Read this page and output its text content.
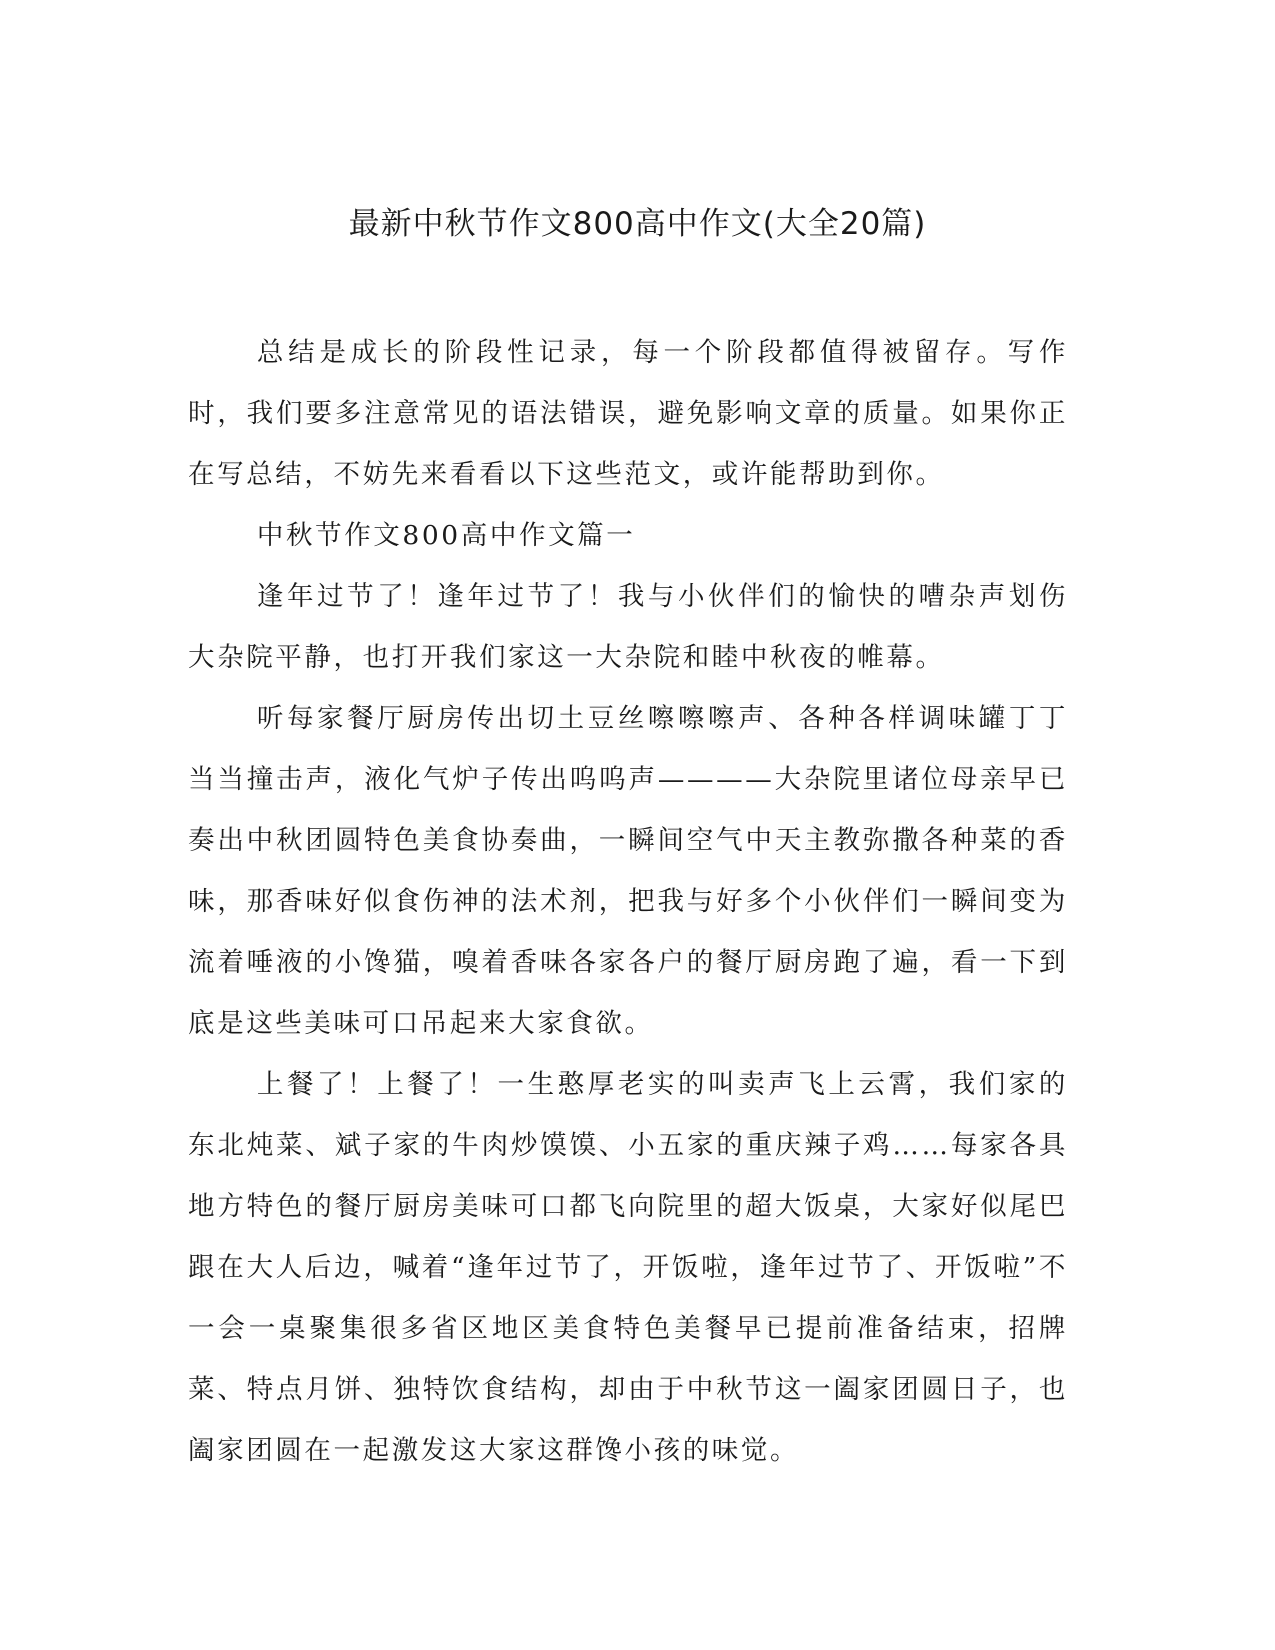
最新中秋节作文800高中作文(大全20篇)

总结是成长的阶段性记录，每一个阶段都值得被留存。写作时，我们要多注意常见的语法错误，避免影响文章的质量。如果你正在写总结，不妨先来看看以下这些范文，或许能帮助到你。

中秋节作文800高中作文篇一

逢年过节了！逢年过节了！我与小伙伴们的愉快的嘈杂声划伤大杂院平静，也打开我们家这一大杂院和睦中秋夜的帷幕。

听每家餐厅厨房传出切土豆丝嚓嚓嚓声、各种各样调味罐丁丁当当撞击声，液化气炉子传出呜呜声————大杂院里诸位母亲早已奏出中秋团圆特色美食协奏曲，一瞬间空气中天主教弥撒各种菜的香味，那香味好似食伤神的法术剂，把我与好多个小伙伴们一瞬间变为流着唾液的小馋猫，嗅着香味各家各户的餐厅厨房跑了遍，看一下到底是这些美味可口吊起来大家食欲。

上餐了！上餐了！一生憨厚老实的叫卖声飞上云霄，我们家的东北炖菜、斌子家的牛肉炒馍馍、小五家的重庆辣子鸡……每家各具地方特色的餐厅厨房美味可口都飞向院里的超大饭桌，大家好似尾巴跟在大人后边，喊着“逢年过节了，开饭啦，逢年过节了、开饭啦”不一会一桌聚集很多省区地区美食特色美餐早已提前准备结束，招牌菜、特点月饼、独特饮食结构，却由于中秋节这一阖家团圆日子，也阖家团圆在一起激发这大家这群馋小孩的味觉。
